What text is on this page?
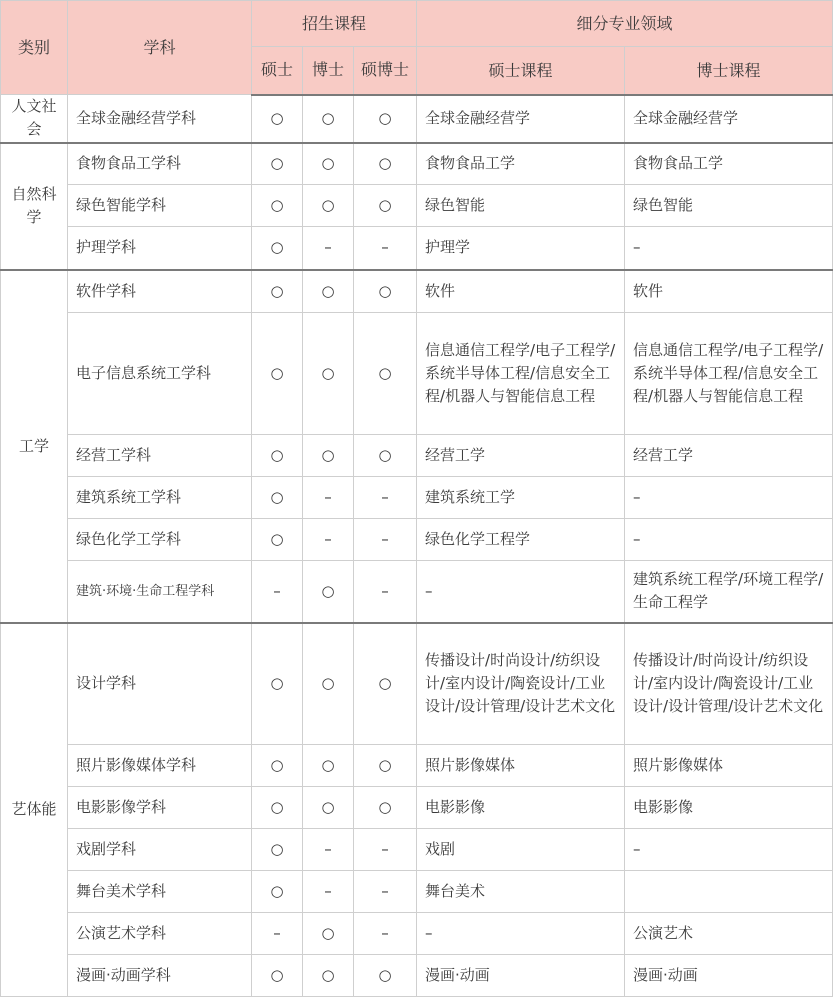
类别	学科	招生课程			细分专业领域	
		硕士	博士	硕博士	硕士课程	博士课程
人文社会	全球金融经营学科	○	○	○	全球金融经营学	全球金融经营学
自然科学	食物食品工学科	○	○	○	食物食品工学	食物食品工学
	绿色智能学科	○	○	○	绿色智能	绿色智能
	护理学科	○	–	–	护理学	–
工学	软件学科	○	○	○	软件	软件
	电子信息系统工学科	○	○	○	信息通信工程学/电子工程学/系统半导体工程/信息安全工程/机器人与智能信息工程	信息通信工程学/电子工程学/系统半导体工程/信息安全工程/机器人与智能信息工程
	经营工学科	○	○	○	经营工学	经营工学
	建筑系统工学科	○	–	–	建筑系统工学	–
	绿色化学工学科	○	–	–	绿色化学工程学	–
	建筑·环境·生命工程学科	–	○	–	–	建筑系统工程学/环境工程学/生命工程学
艺体能	设计学科	○	○	○	传播设计/时尚设计/纺织设计/室内设计/陶瓷设计/工业设计/设计管理/设计艺术文化	传播设计/时尚设计/纺织设计/室内设计/陶瓷设计/工业设计/设计管理/设计艺术文化
	照片影像媒体学科	○	○	○	照片影像媒体	照片影像媒体
	电影影像学科	○	○	○	电影影像	电影影像
	戏剧学科	○	–	–	戏剧	–
	舞台美术学科	○	–	–	舞台美术	
	公演艺术学科	–	○	–	–	公演艺术
	漫画·动画学科	○	○	○	漫画·动画	漫画·动画
